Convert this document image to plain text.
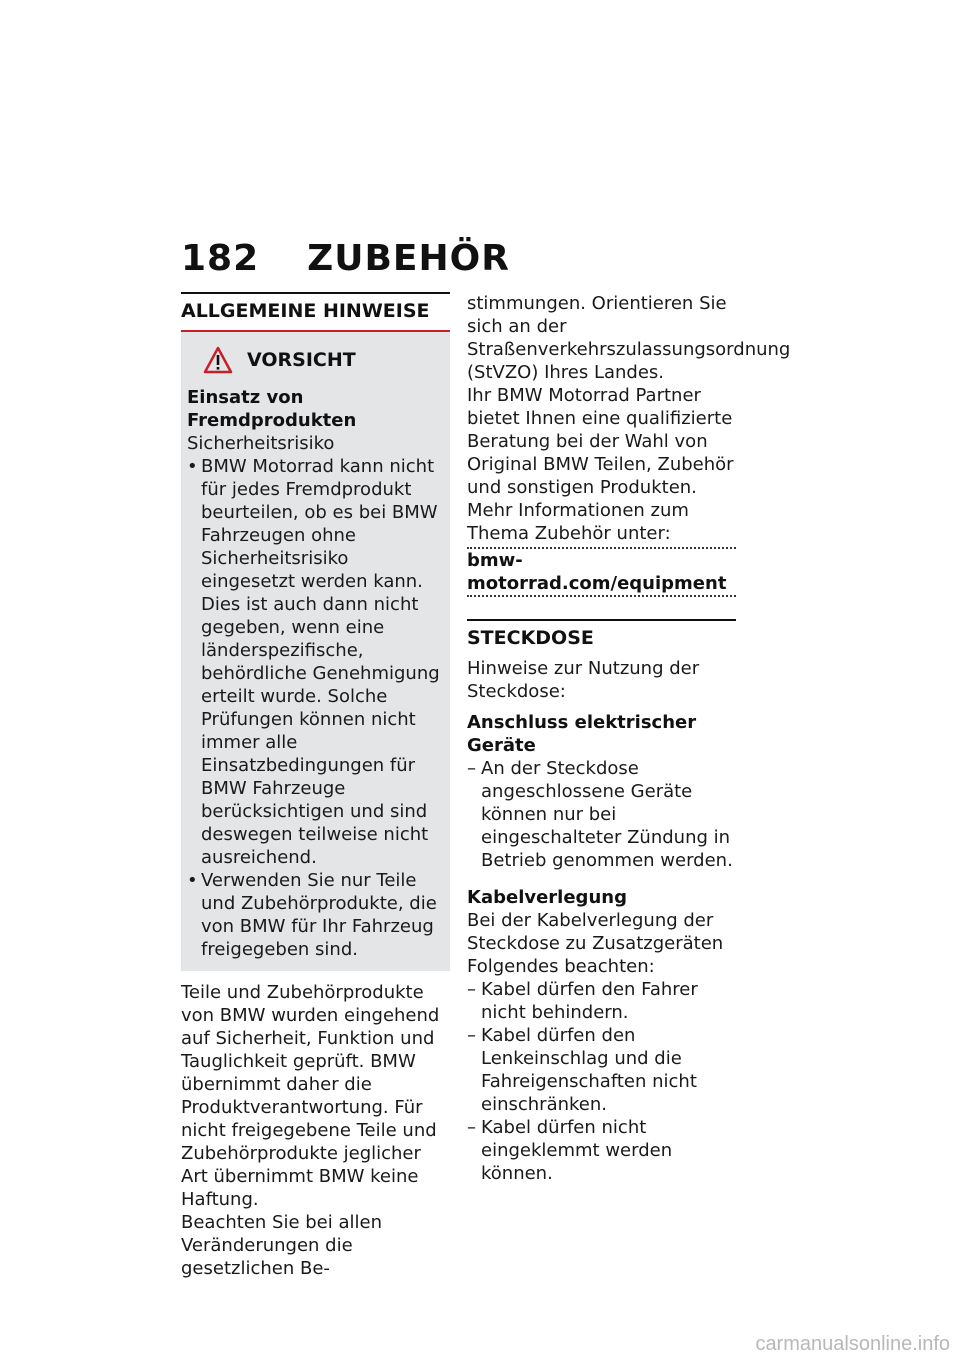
182 ZUBEHÖR
ALLGEMEINE HINWEISE
VORSICHT
Einsatz von Fremdprodukten
Sicherheitsrisiko
• BMW Motorrad kann nicht für jedes Fremdprodukt beurteilen, ob es bei BMW Fahrzeugen ohne Sicherheitsrisiko eingesetzt werden kann. Dies ist auch dann nicht gegeben, wenn eine länderspezifische, behördliche Genehmigung erteilt wurde. Solche Prüfungen können nicht immer alle Einsatzbedingungen für BMW Fahrzeuge berücksichtigen und sind deswegen teilweise nicht ausreichend.
• Verwenden Sie nur Teile und Zubehörprodukte, die von BMW für Ihr Fahrzeug freigegeben sind.

Teile und Zubehörprodukte von BMW wurden eingehend auf Sicherheit, Funktion und Tauglichkeit geprüft. BMW übernimmt daher die Produktverantwortung. Für nicht freigegebene Teile und Zubehörprodukte jeglicher Art übernimmt BMW keine Haftung.

Beachten Sie bei allen Veränderungen die gesetzlichen Be-

stimmungen. Orientieren Sie sich an der Straßenverkehrszulassungsordnung (StVZO) Ihres Landes.

Ihr BMW Motorrad Partner bietet Ihnen eine qualifizierte Beratung bei der Wahl von Original BMW Teilen, Zubehör und sonstigen Produkten.

Mehr Informationen zum Thema Zubehör unter:

bmw-motorrad.com/equipment
STECKDOSE

Hinweise zur Nutzung der Steckdose:

Anschluss elektrischer Geräte
– An der Steckdose angeschlossene Geräte können nur bei eingeschalteter Zündung in Betrieb genommen werden.
Kabelverlegung

Bei der Kabelverlegung der Steckdose zu Zusatzgeräten Folgendes beachten:

– Kabel dürfen den Fahrer nicht behindern.
– Kabel dürfen den Lenkeinschlag und die Fahreigenschaften nicht einschränken.
– Kabel dürfen nicht eingeklemmt werden können.
carmanualsonline.info
